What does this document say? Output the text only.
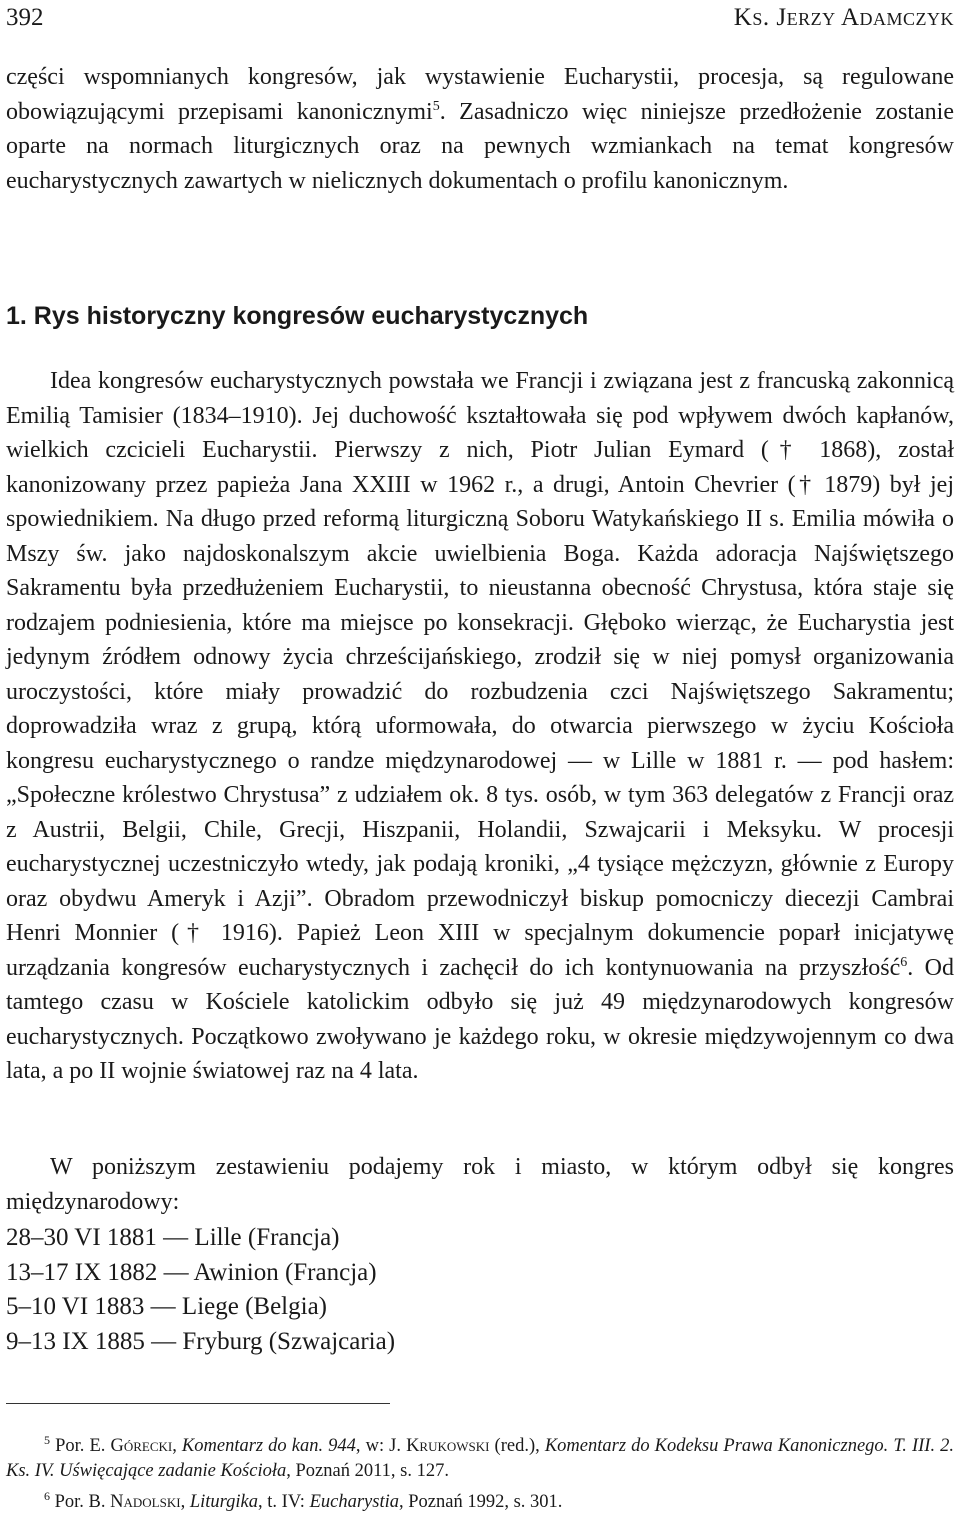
392	Ks. Jerzy Adamczyk

części wspomnianych kongresów, jak wystawienie Eucharystii, procesja, są regulowane obowiązującymi przepisami kanonicznymi$^5$. Zasadniczo więc niniejsze przedłożenie zostanie oparte na normach liturgicznych oraz na pewnych wzmiankach na temat kongresów eucharystycznych zawartych w nielicznych dokumentach o profilu kanonicznym.

1. Rys historyczny kongresów eucharystycznych

Idea kongresów eucharystycznych powstała we Francji i związana jest z francuską zakonnicą Emilią Tamisier (1834–1910). Jej duchowość kształtowała się pod wpływem dwóch kapłanów, wielkich czcicieli Eucharystii. Pierwszy z nich, Piotr Julian Eymard († 1868), został kanonizowany przez papieża Jana XXIII w 1962 r., a drugi, Antoin Chevrier († 1879) był jej spowiednikiem. Na długo przed reformą liturgiczną Soboru Watykańskiego II s. Emilia mówiła o Mszy św. jako najdoskonalszym akcie uwielbienia Boga. Każda adoracja Najświętszego Sakramentu była przedłużeniem Eucharystii, to nieustanna obecność Chrystusa, która staje się rodzajem podniesienia, które ma miejsce po konsekracji. Głęboko wierząc, że Eucharystia jest jedynym źródłem odnowy życia chrześcijańskiego, zrodził się w niej pomysł organizowania uroczystości, które miały prowadzić do rozbudzenia czci Najświętszego Sakramentu; doprowadziła wraz z grupą, którą uformowała, do otwarcia pierwszego w życiu Kościoła kongresu eucharystycznego o randze międzynarodowej — w Lille w 1881 r. — pod hasłem: „Społeczne królestwo Chrystusa” z udziałem ok. 8 tys. osób, w tym 363 delegatów z Francji oraz z Austrii, Belgii, Chile, Grecji, Hiszpanii, Holandii, Szwajcarii i Meksyku. W procesji eucharystycznej uczestniczyło wtedy, jak podają kroniki, „4 tysiące mężczyzn, głównie z Europy oraz obydwu Ameryk i Azji”. Obradom przewodniczył biskup pomocniczy diecezji Cambrai Henri Monnier († 1916). Papież Leon XIII w specjalnym dokumencie poparł inicjatywę urządzania kongresów eucharystycznych i zachęcił do ich kontynuowania na przyszłość$^6$. Od tamtego czasu w Kościele katolickim odbyło się już 49 międzynarodowych kongresów eucharystycznych. Początkowo zwoływano je każdego roku, w okresie międzywojennym co dwa lata, a po II wojnie światowej raz na 4 lata.

W poniższym zestawieniu podajemy rok i miasto, w którym odbył się kongres międzynarodowy:

28–30 VI 1881 — Lille (Francja)
13–17 IX 1882 — Awinion (Francja)
5–10 VI 1883 — Liege (Belgia)
9–13 IX 1885 — Fryburg (Szwajcaria)

$^5$ Por. E. Górecki, Komentarz do kan. 944, w: J. Krukowski (red.), Komentarz do Kodeksu Prawa Kanonicznego. T. III. 2. Ks. IV. Uświęcające zadanie Kościoła, Poznań 2011, s. 127.

$^6$ Por. B. Nadolski, Liturgika, t. IV: Eucharystia, Poznań 1992, s. 301.
